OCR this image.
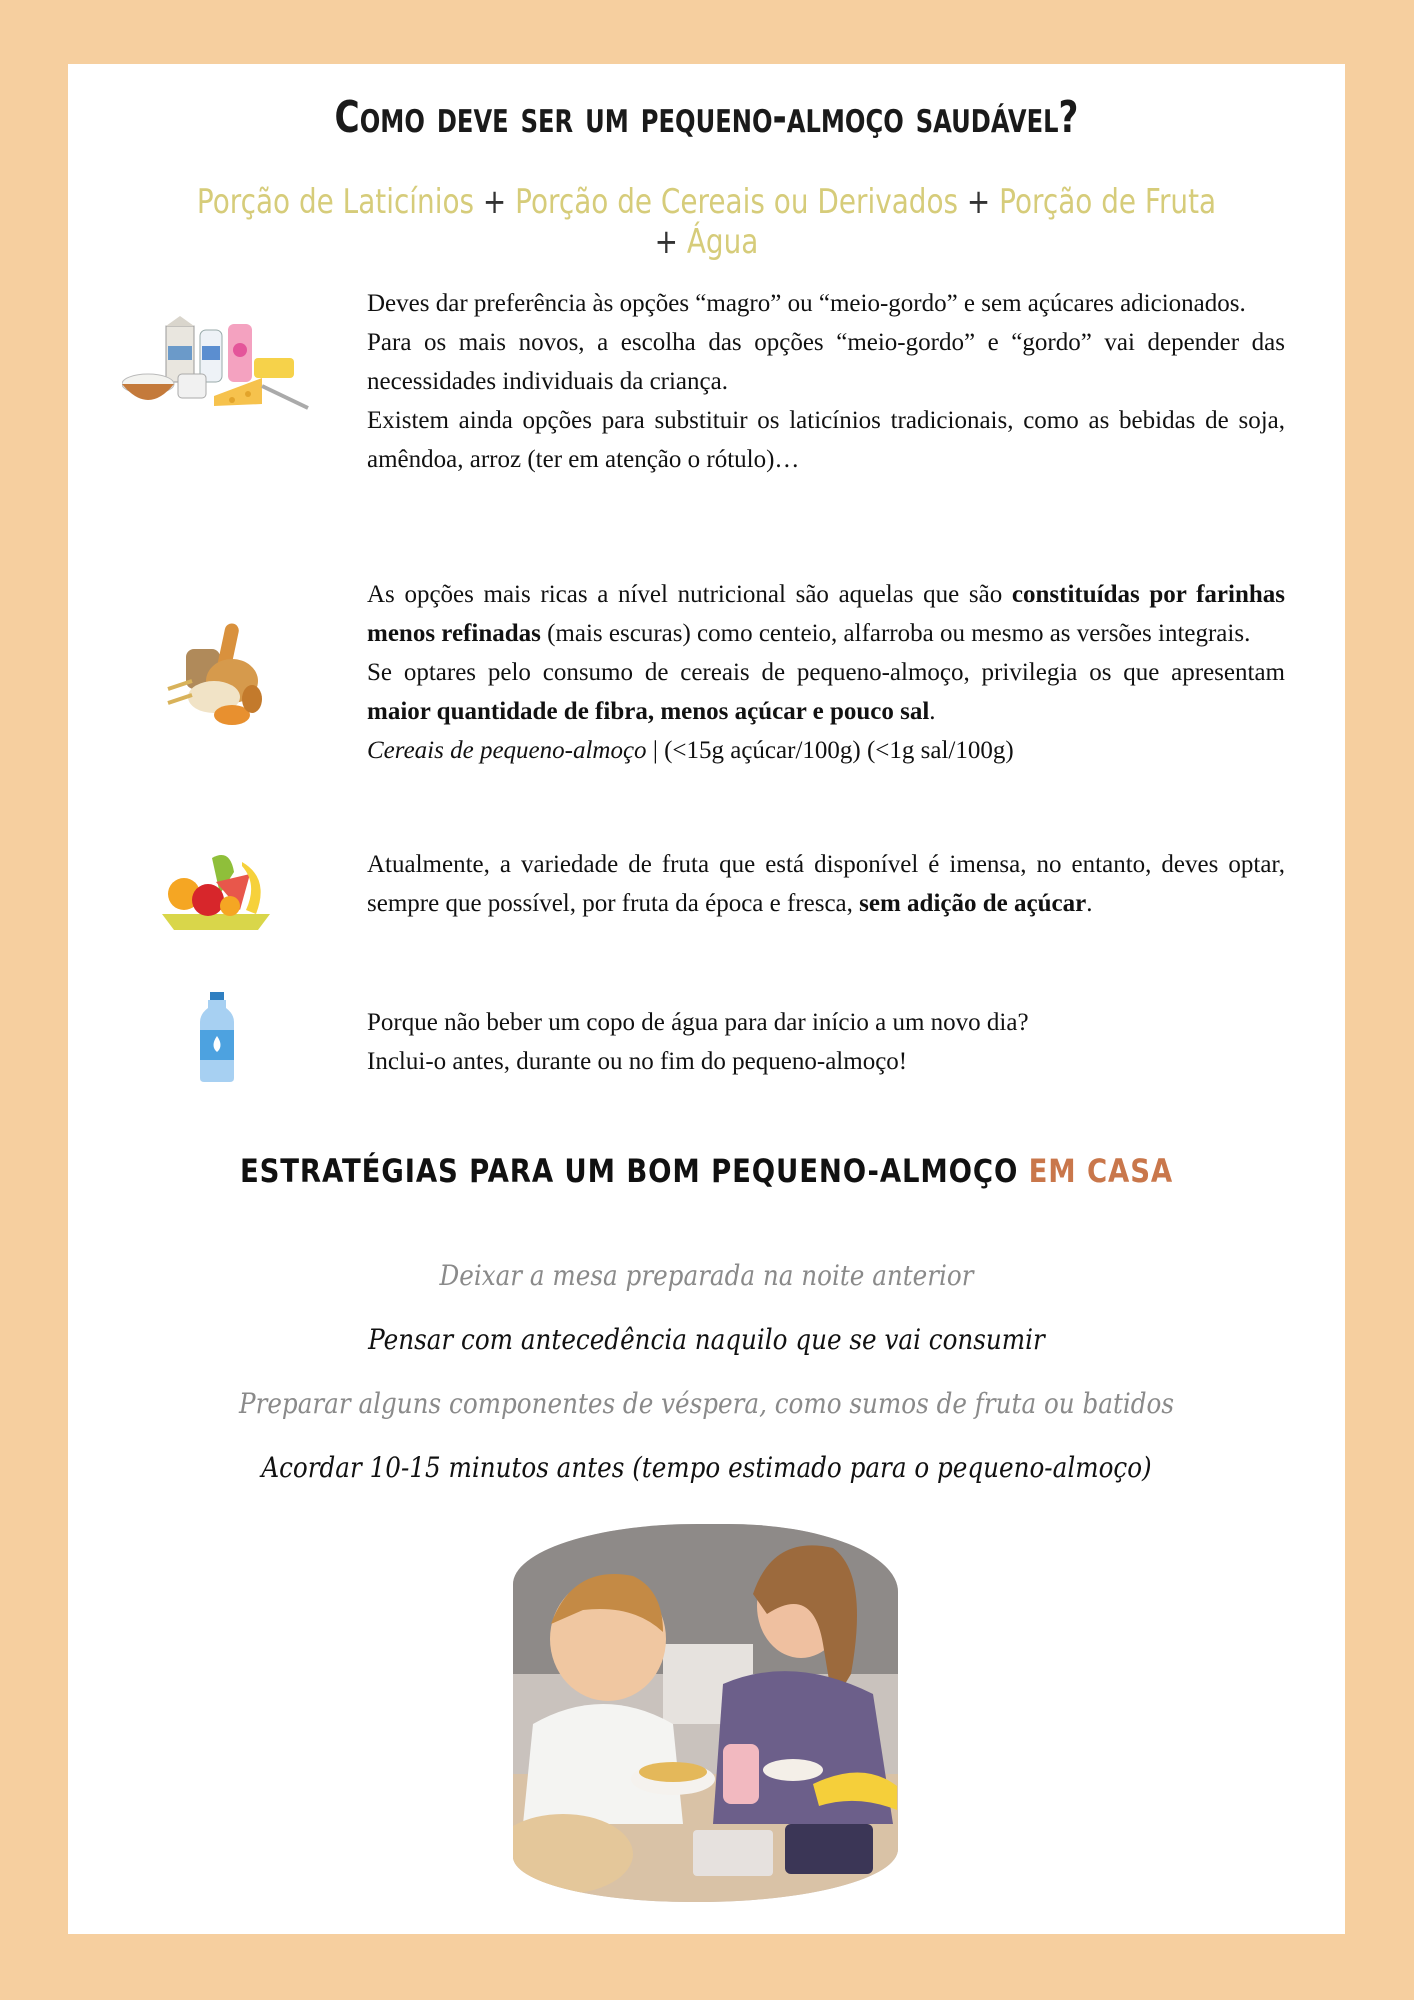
Como deve ser um pequeno-almoço saudável?
Porção de Laticínios + Porção de Cereais ou Derivados + Porção de Fruta + Água

Deves dar preferência às opções “magro” ou “meio-gordo” e sem açúcares adicionados.

Para os mais novos, a escolha das opções “meio-gordo” e “gordo” vai depender das necessidades individuais da criança.

Existem ainda opções para substituir os laticínios tradicionais, como as bebidas de soja, amêndoa, arroz (ter em atenção o rótulo)…

As opções mais ricas a nível nutricional são aquelas que são constituídas por farinhas menos refinadas (mais escuras) como centeio, alfarroba ou mesmo as versões integrais.

Se optares pelo consumo de cereais de pequeno-almoço, privilegia os que apresentam maior quantidade de fibra, menos açúcar e pouco sal.

Cereais de pequeno-almoço | (<15g açúcar/100g) (<1g sal/100g)

Atualmente, a variedade de fruta que está disponível é imensa, no entanto, deves optar, sempre que possível, por fruta da época e fresca, sem adição de açúcar.

Porque não beber um copo de água para dar início a um novo dia?

Inclui-o antes, durante ou no fim do pequeno-almoço!

ESTRATÉGIAS PARA UM BOM PEQUENO-ALMOÇO EM CASA
Deixar a mesa preparada na noite anterior
Pensar com antecedência naquilo que se vai consumir
Preparar alguns componentes de véspera, como sumos de fruta ou batidos
Acordar 10-15 minutos antes (tempo estimado para o pequeno-almoço)
